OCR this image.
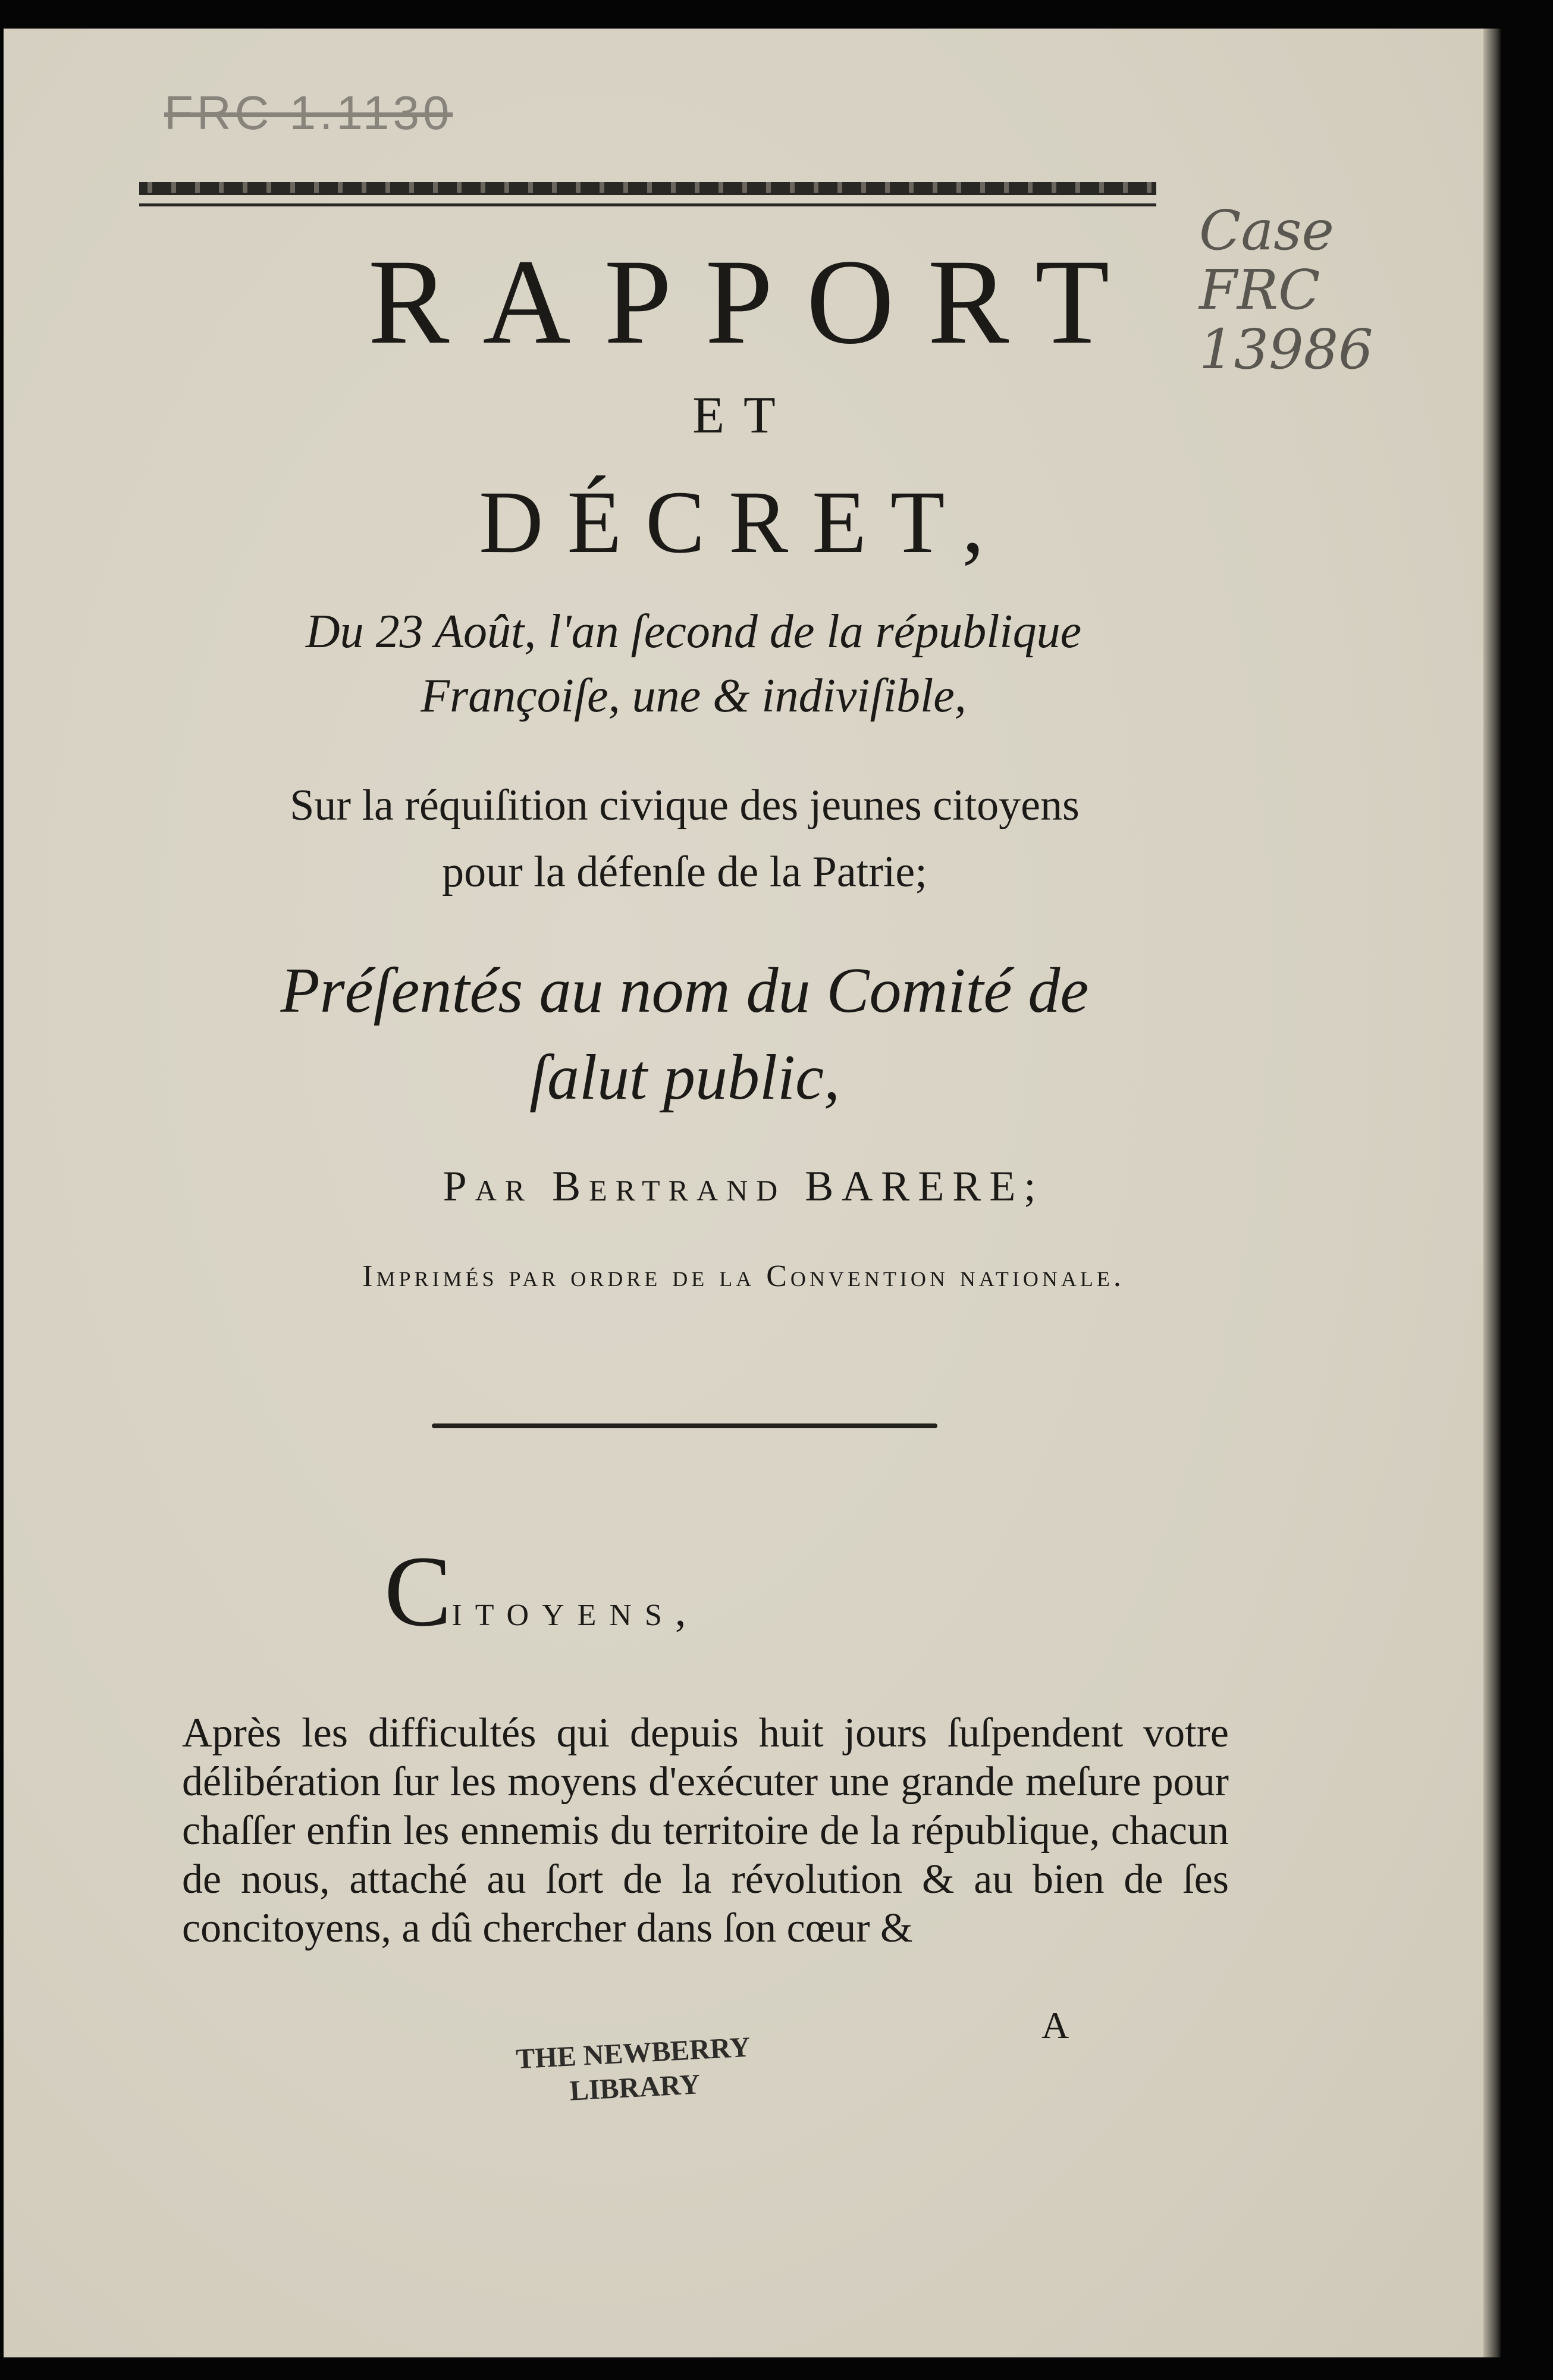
FRC 1.1130
Case
FRC
13986
RAPPORT
ET
DÉCRET,
Du 23 Août, l'an ſecond de la république
Françoiſe, une & indiviſible,
Sur la réquiſition civique des jeunes citoyens
pour la défenſe de la Patrie;
Préſentés au nom du Comité de
ſalut public,
Par Bertrand BARERE;
Imprimés par ordre de la Convention nationale.
Citoyens,
Après les difficultés qui depuis huit jours ſuſpendent votre délibération ſur les moyens d'exécuter une grande meſure pour chaſſer enfin les ennemis du territoire de la république, chacun de nous, attaché au ſort de la révolution & au bien de ſes concitoyens, a dû chercher dans ſon cœur &
A
THE NEWBERRY
LIBRARY
